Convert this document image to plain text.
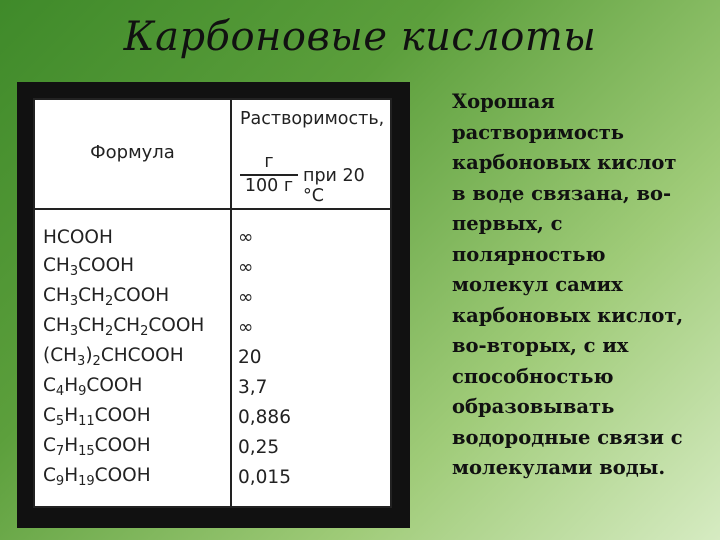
Карбоновые кислоты
Формула
Растворимость,
г
100 г при 20 °С
HCOOH	∞
$CH_3COOH$	∞
$CH_3CH_2COOH$	∞
$CH_3CH_2CH_2COOH$	∞
$(CH_3)_2CHCOOH$	20
$C_4H_9COOH$	3,7
$C_5H_{11}COOH$	0,886
$C_7H_{15}COOH$	0,25
$C_9H_{19}COOH$	0,015
Хорошая
растворимость
карбоновых кислот
в воде связана, во-
первых, с
полярностью
молекул самих
карбоновых кислот,
во-вторых, с их
способностью
образовывать
водородные связи с
молекулами воды.
